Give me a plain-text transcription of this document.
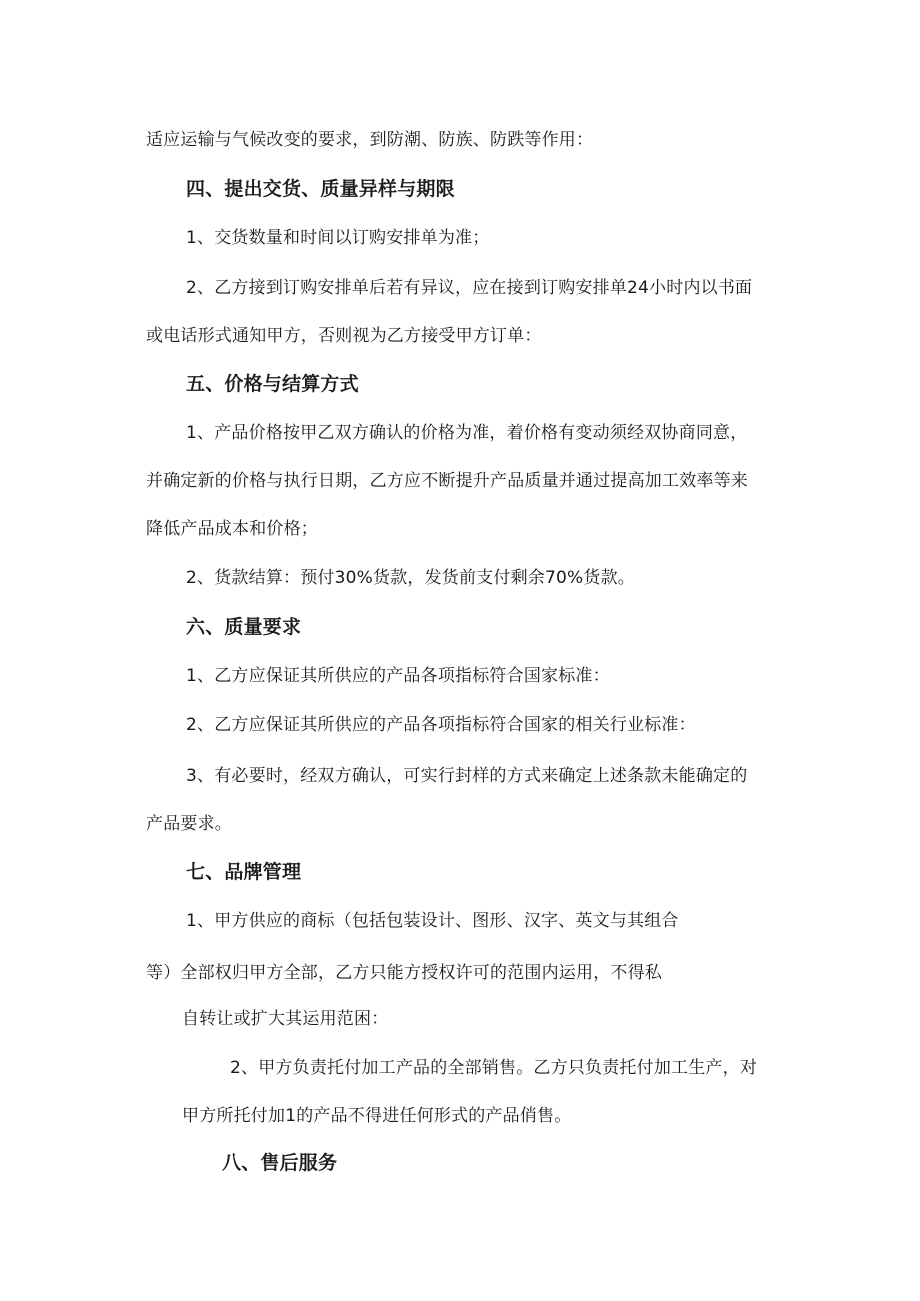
适应运输与气候改变的要求，到防潮、防族、防跌等作用：
四、提出交货、质量异样与期限
1、交货数量和时间以订购安排单为准；
2、乙方接到订购安排单后若有异议，应在接到订购安排单24小时内以书面
或电话形式通知甲方，否则视为乙方接受甲方订单：
五、价格与结算方式
1、产品价格按甲乙双方确认的价格为准，着价格有变动须经双协商同意，
并确定新的价格与执行日期，乙方应不断提升产品质量并通过提高加工效率等来
降低产品成本和价格；
2、货款结算：预付30%货款，发货前支付剩余70%货款。
六、质量要求
1、乙方应保证其所供应的产品各项指标符合国家标准：
2、乙方应保证其所供应的产品各项指标符合国家的相关行业标准：
3、有必要时，经双方确认，可实行封样的方式来确定上述条款未能确定的
产品要求。
七、品牌管理
1、甲方供应的商标（包括包装设计、图形、汉字、英文与其组合
等）全部权归甲方全部，乙方只能方授权许可的范围内运用，不得私
自转让或扩大其运用范困：
2、甲方负责托付加工产品的全部销售。乙方只负责托付加工生产，对
甲方所托付加1的产品不得进任何形式的产品俏售。
八、售后服务
